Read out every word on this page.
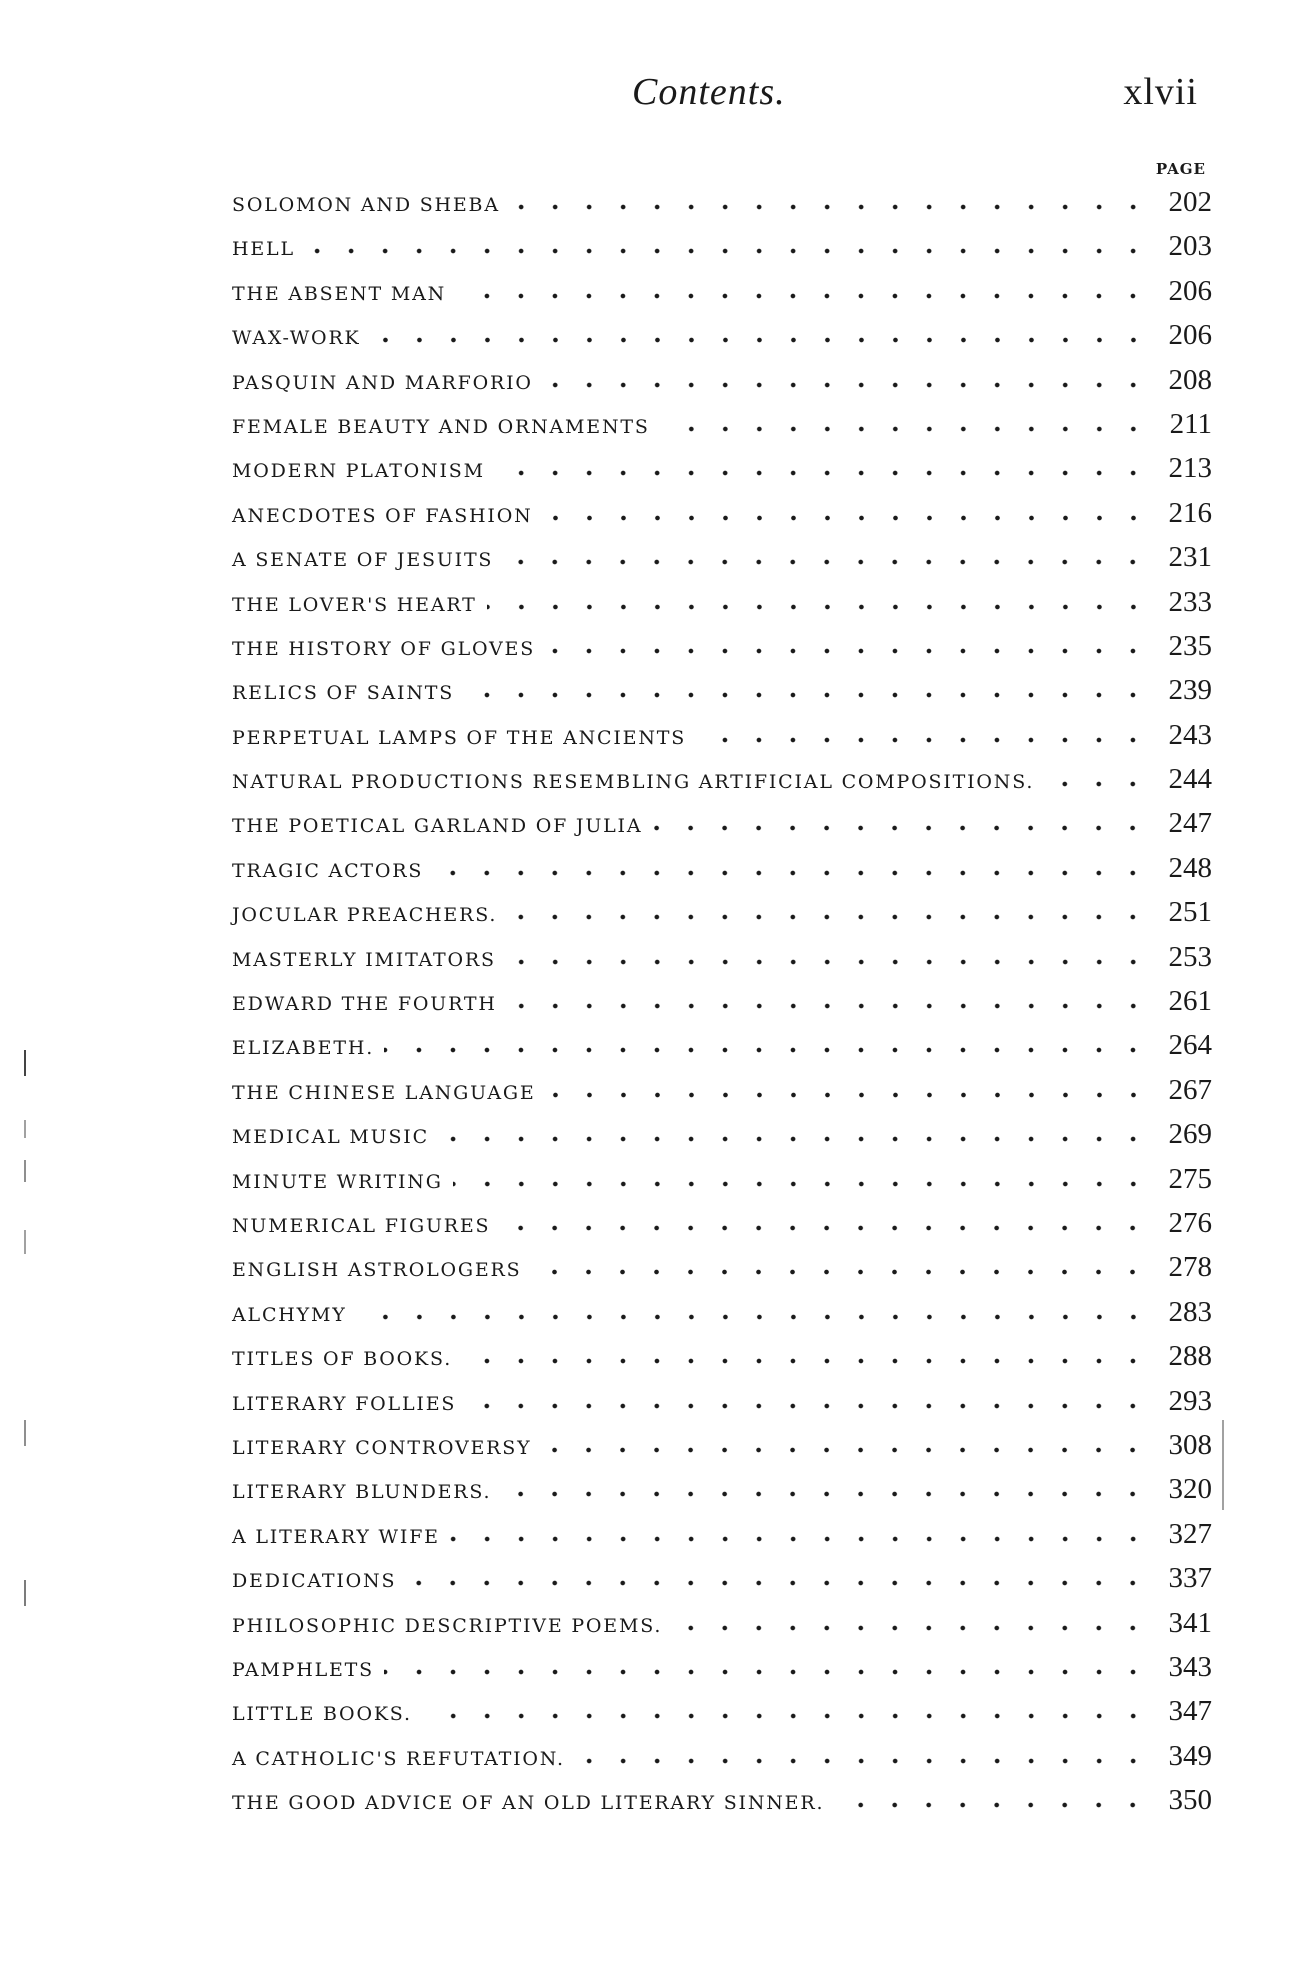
Contents.	xlvii
PAGE
SOLOMON AND SHEBA	202
HELL	203
THE ABSENT MAN	206
WAX-WORK	206
PASQUIN AND MARFORIO	208
FEMALE BEAUTY AND ORNAMENTS	211
MODERN PLATONISM	213
ANECDOTES OF FASHION	216
A SENATE OF JESUITS	231
THE LOVER'S HEART	233
THE HISTORY OF GLOVES	235
RELICS OF SAINTS	239
PERPETUAL LAMPS OF THE ANCIENTS	243
NATURAL PRODUCTIONS RESEMBLING ARTIFICIAL COMPOSITIONS.	244
THE POETICAL GARLAND OF JULIA	247
TRAGIC ACTORS	248
JOCULAR PREACHERS.	251
MASTERLY IMITATORS	253
EDWARD THE FOURTH	261
ELIZABETH.	264
THE CHINESE LANGUAGE	267
MEDICAL MUSIC	269
MINUTE WRITING	275
NUMERICAL FIGURES	276
ENGLISH ASTROLOGERS	278
ALCHYMY	283
TITLES OF BOOKS.	288
LITERARY FOLLIES	293
LITERARY CONTROVERSY	308
LITERARY BLUNDERS.	320
A LITERARY WIFE	327
DEDICATIONS	337
PHILOSOPHIC DESCRIPTIVE POEMS.	341
PAMPHLETS	343
LITTLE BOOKS.	347
A CATHOLIC'S REFUTATION.	349
THE GOOD ADVICE OF AN OLD LITERARY SINNER.	350
